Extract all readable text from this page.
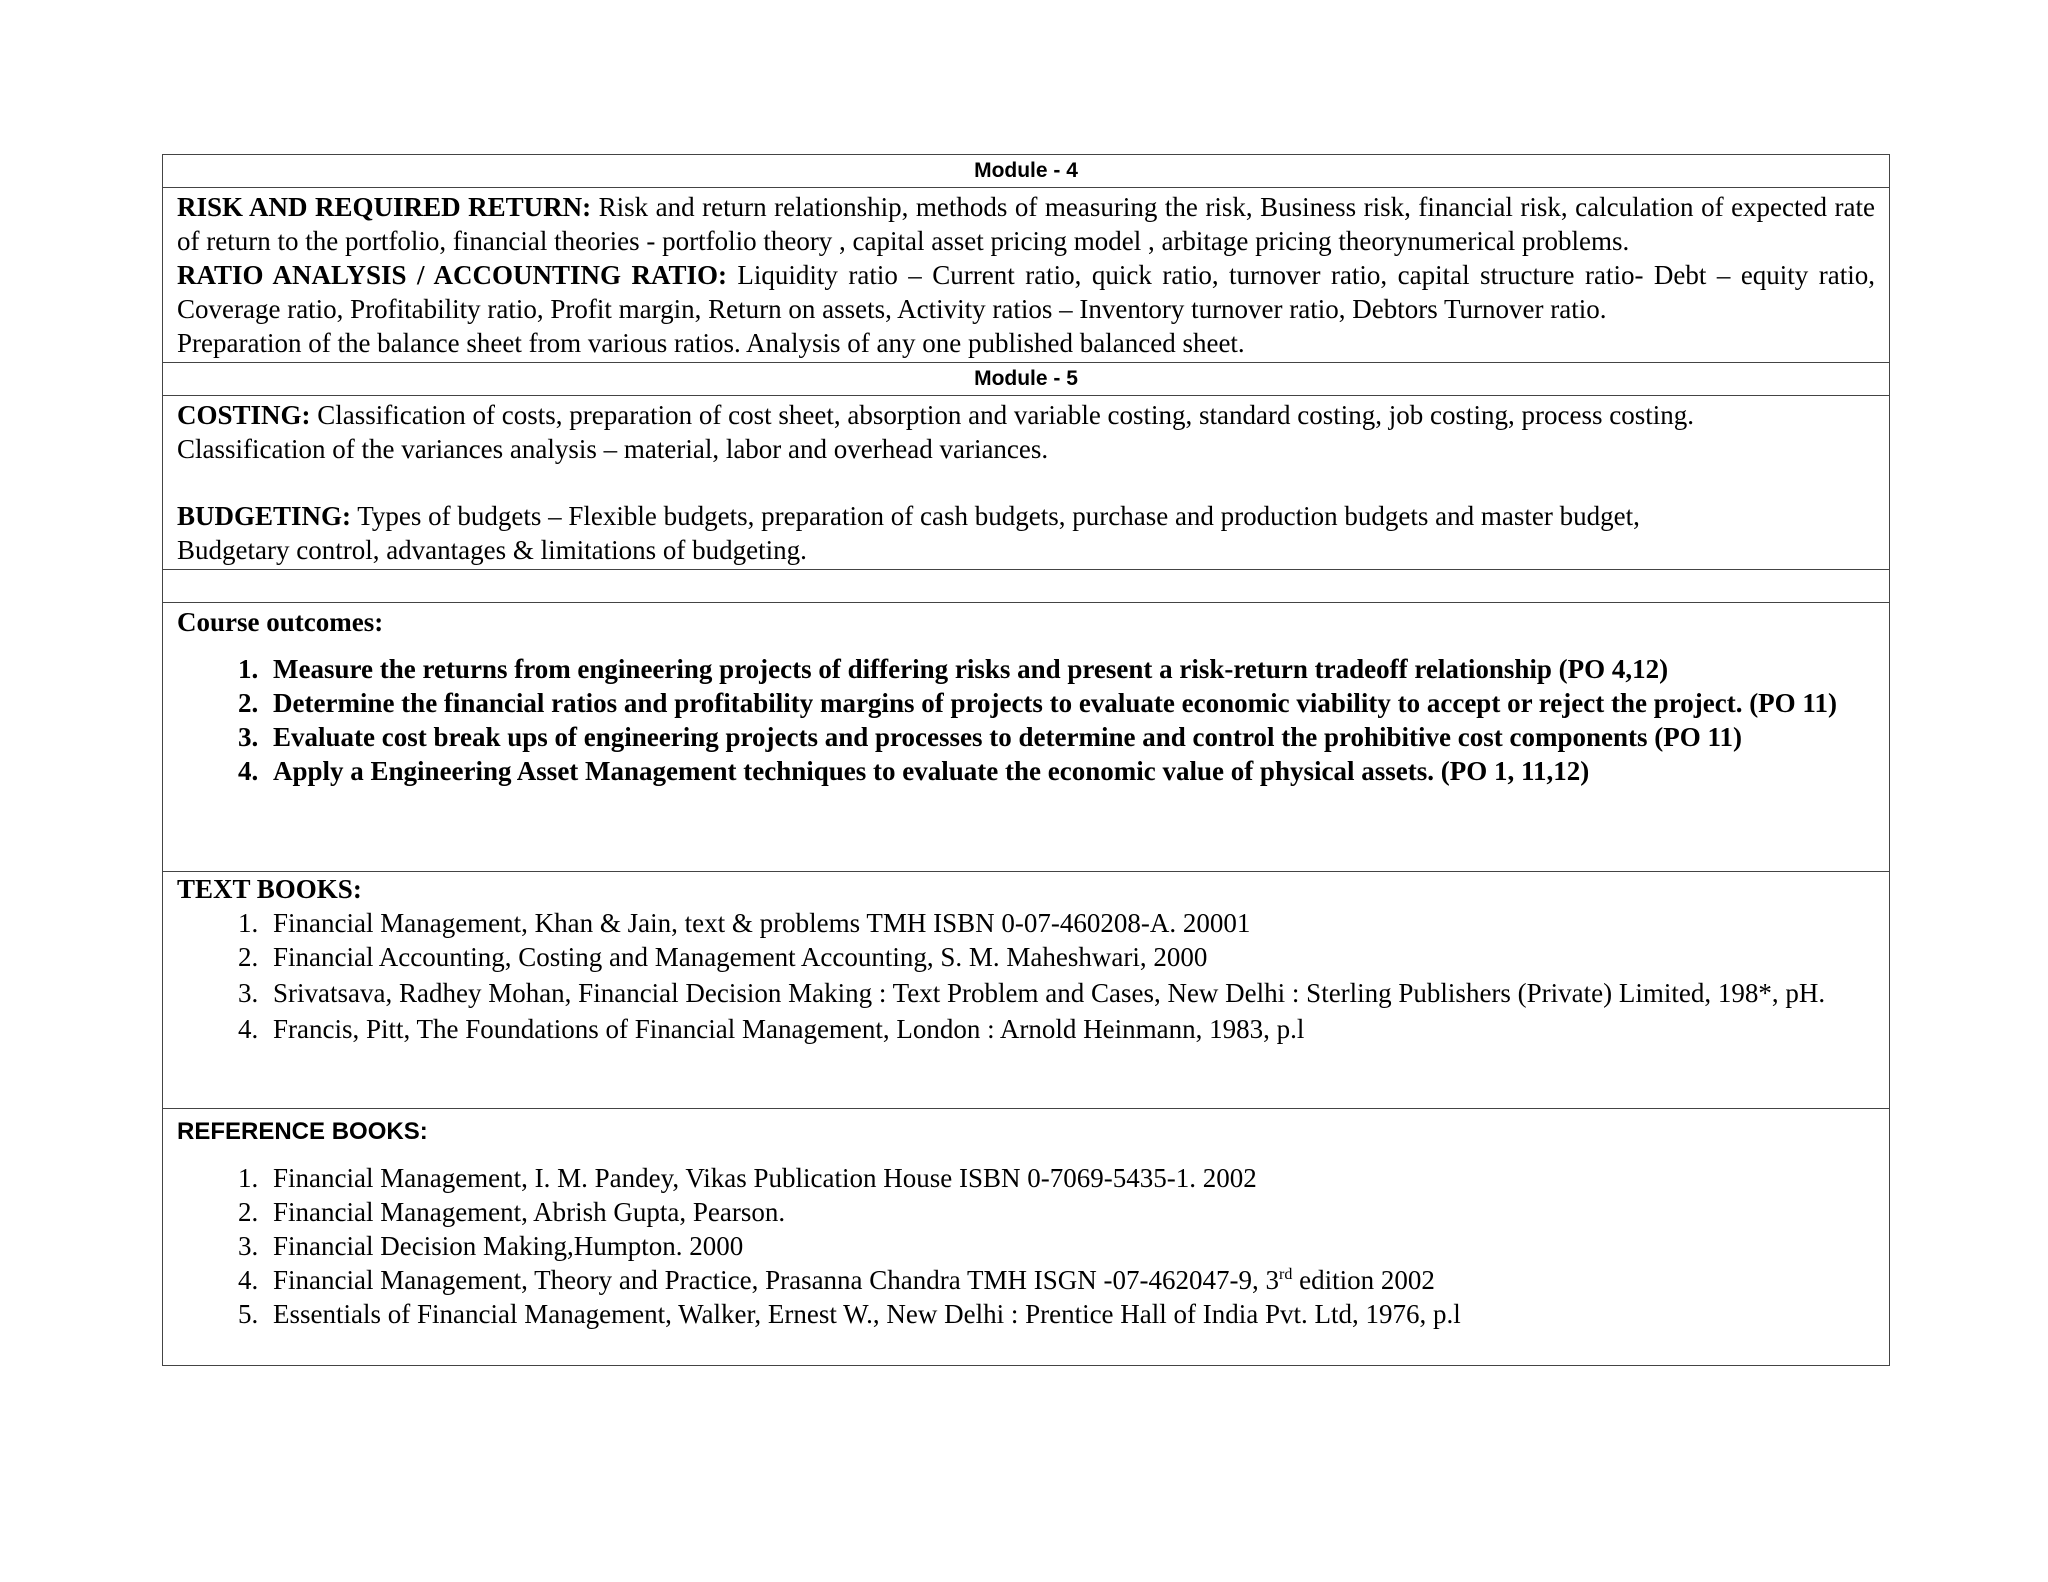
Module - 4

RISK AND REQUIRED RETURN: Risk and return relationship, methods of measuring the risk, Business risk, financial risk, calculation of expected rate of return to the portfolio, financial theories - portfolio theory , capital asset pricing model , arbitage pricing theorynumerical problems.

RATIO ANALYSIS / ACCOUNTING RATIO: Liquidity ratio – Current ratio, quick ratio, turnover ratio, capital structure ratio- Debt – equity ratio, Coverage ratio, Profitability ratio, Profit margin, Return on assets, Activity ratios – Inventory turnover ratio, Debtors Turnover ratio.

Preparation of the balance sheet from various ratios. Analysis of any one published balanced sheet.

Module - 5

COSTING: Classification of costs, preparation of cost sheet, absorption and variable costing, standard costing, job costing, process costing.

Classification of the variances analysis – material, labor and overhead variances.

BUDGETING: Types of budgets – Flexible budgets, preparation of cash budgets, purchase and production budgets and master budget,

Budgetary control, advantages & limitations of budgeting.

Course outcomes:

1. Measure the returns from engineering projects of differing risks and present a risk-return tradeoff relationship (PO 4,12)
2. Determine the financial ratios and profitability margins of projects to evaluate economic viability to accept or reject the project. (PO 11)
3. Evaluate cost break ups of engineering projects and processes to determine and control the prohibitive cost components (PO 11)
4. Apply a Engineering Asset Management techniques to evaluate the economic value of physical assets. (PO 1, 11,12)

TEXT BOOKS:

1. Financial Management, Khan & Jain, text & problems TMH ISBN 0-07-460208-A. 20001
2. Financial Accounting, Costing and Management Accounting, S. M. Maheshwari, 2000
3. Srivatsava, Radhey Mohan, Financial Decision Making : Text Problem and Cases, New Delhi : Sterling Publishers (Private) Limited, 198*, pH.
4. Francis, Pitt, The Foundations of Financial Management, London : Arnold Heinmann, 1983, p.l

REFERENCE BOOKS:

1. Financial Management, I. M. Pandey, Vikas Publication House ISBN 0-7069-5435-1. 2002
2. Financial Management, Abrish Gupta, Pearson.
3. Financial Decision Making,Humpton. 2000
4. Financial Management, Theory and Practice, Prasanna Chandra TMH ISGN -07-462047-9, 3rd edition 2002
5. Essentials of Financial Management, Walker, Ernest W., New Delhi : Prentice Hall of India Pvt. Ltd, 1976, p.l
